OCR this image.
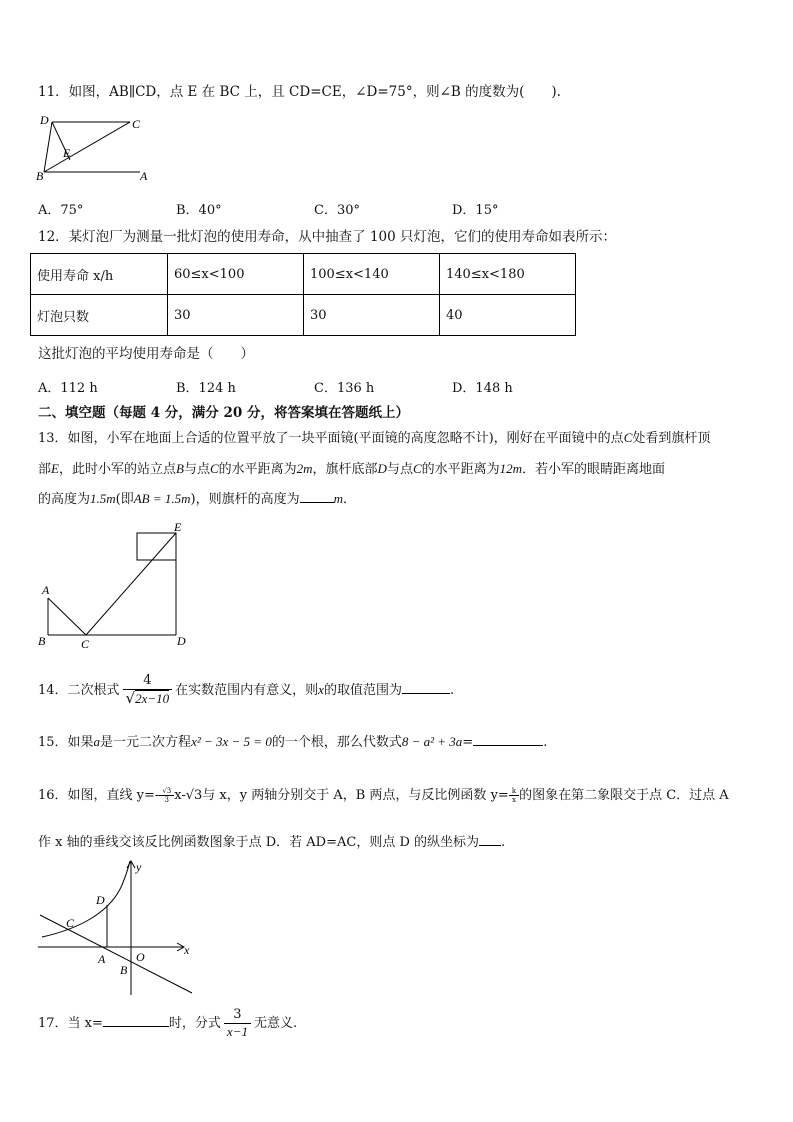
11．如图，AB∥CD，点 E 在 BC 上，且 CD=CE，∠D=75°，则∠B 的度数为(　　).
D	C
E
B	A
A．75°	B．40°	C．30°	D．15°
12．某灯泡厂为测量一批灯泡的使用寿命，从中抽查了 100 只灯泡，它们的使用寿命如表所示：
使用寿命 x/h	60≤x<100	100≤x<140	140≤x<180
灯泡只数	30	30	40
这批灯泡的平均使用寿命是（　　）
A．112 h	B．124 h	C．136 h	D．148 h
二、填空题（每题 4 分，满分 20 分，将答案填在答题纸上）
13．如图，小军在地面上合适的位置平放了一块平面镜(平面镜的高度忽略不计)，刚好在平面镜中的点C处看到旗杆顶
部E，此时小军的站立点B与点C的水平距离为2m，旗杆底部D与点C的水平距离为12m．若小军的眼睛距离地面
的高度为1.5m(即AB = 1.5m)，则旗杆的高度为	m．
E
A
B	C	D
14．二次根式 $\frac{4}{√2x-10}$ 在实数范围内有意义，则x的取值范围为	.
15．如果a是一元二次方程x² − 3x − 5 = 0的一个根，那么代数式8 − a² + 3a=	.
16．如图，直线 $y=- \frac{√3}{3} x-√3$与 x，y 两轴分别交于 A，B 两点，与反比例函数 $y= \frac{k}{x}$ 的图象在第二象限交于点 C．过点 A
作 x 轴的垂线交该反比例函数图象于点 D．若 AD=AC，则点 D 的纵坐标为 .
y
x
D
C
A	O
B
17．当 x=	时，分式 $\frac{3}{x-1}$ 无意义.
